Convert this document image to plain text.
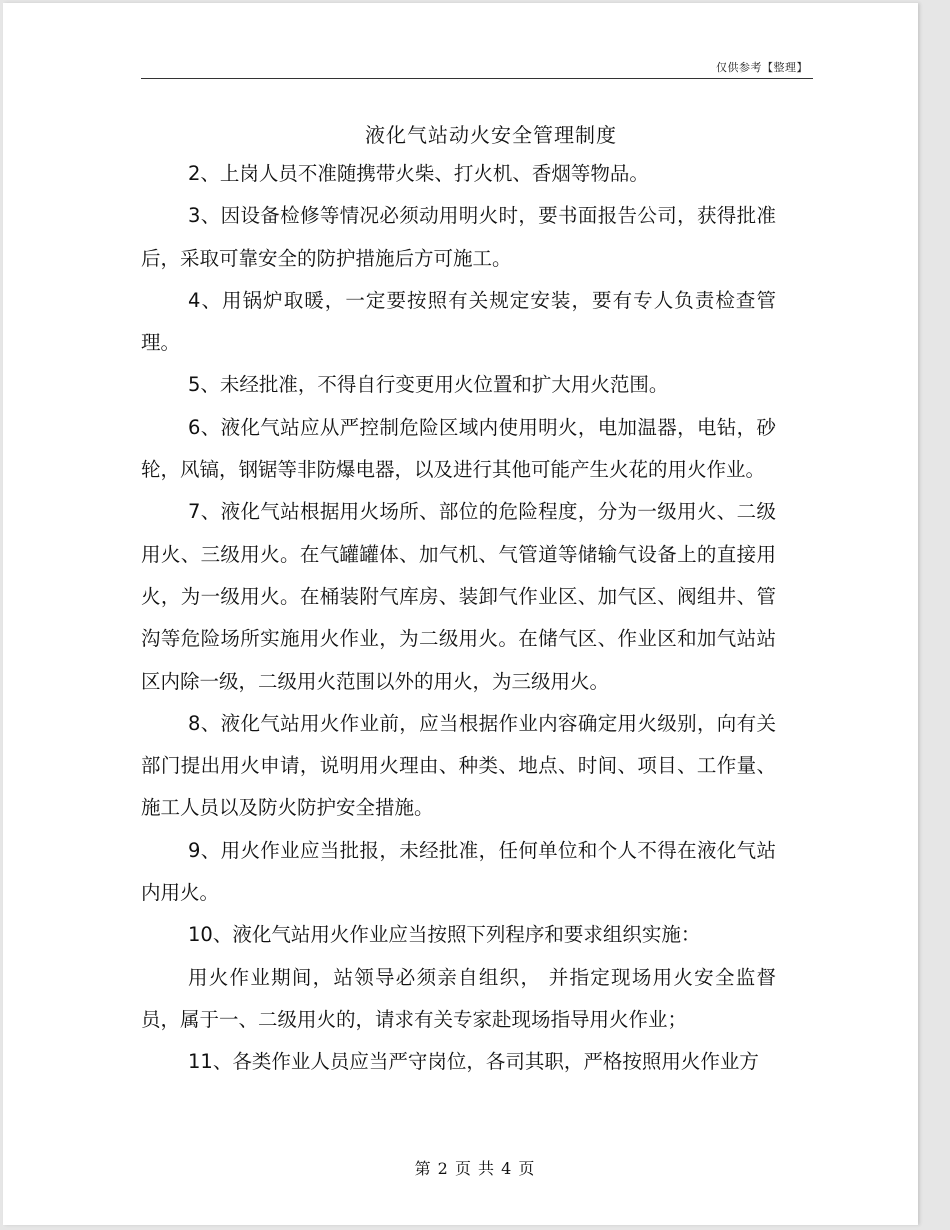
仅供参考【整理】
液化气站动火安全管理制度

2、上岗人员不准随携带火柴、打火机、香烟等物品。

3、因设备检修等情况必须动用明火时，要书面报告公司，获得批准后，采取可靠安全的防护措施后方可施工。

4、用锅炉取暖，一定要按照有关规定安装，要有专人负责检查管理。

5、未经批准，不得自行变更用火位置和扩大用火范围。

6、液化气站应从严控制危险区域内使用明火，电加温器，电钻，砂轮，风镐，钢锯等非防爆电器，以及进行其他可能产生火花的用火作业。

7、液化气站根据用火场所、部位的危险程度，分为一级用火、二级用火、三级用火。在气罐罐体、加气机、气管道等储输气设备上的直接用火，为一级用火。在桶装附气库房、装卸气作业区、加气区、阀组井、管沟等危险场所实施用火作业，为二级用火。在储气区、作业区和加气站站区内除一级，二级用火范围以外的用火，为三级用火。

8、液化气站用火作业前，应当根据作业内容确定用火级别，向有关部门提出用火申请，说明用火理由、种类、地点、时间、项目、工作量、施工人员以及防火防护安全措施。

9、用火作业应当批报，未经批准，任何单位和个人不得在液化气站内用火。

10、液化气站用火作业应当按照下列程序和要求组织实施：

用火作业期间，站领导必须亲自组织， 并指定现场用火安全监督员，属于一、二级用火的，请求有关专家赴现场指导用火作业；

11、各类作业人员应当严守岗位，各司其职，严格按照用火作业方

第 2 页 共 4 页
